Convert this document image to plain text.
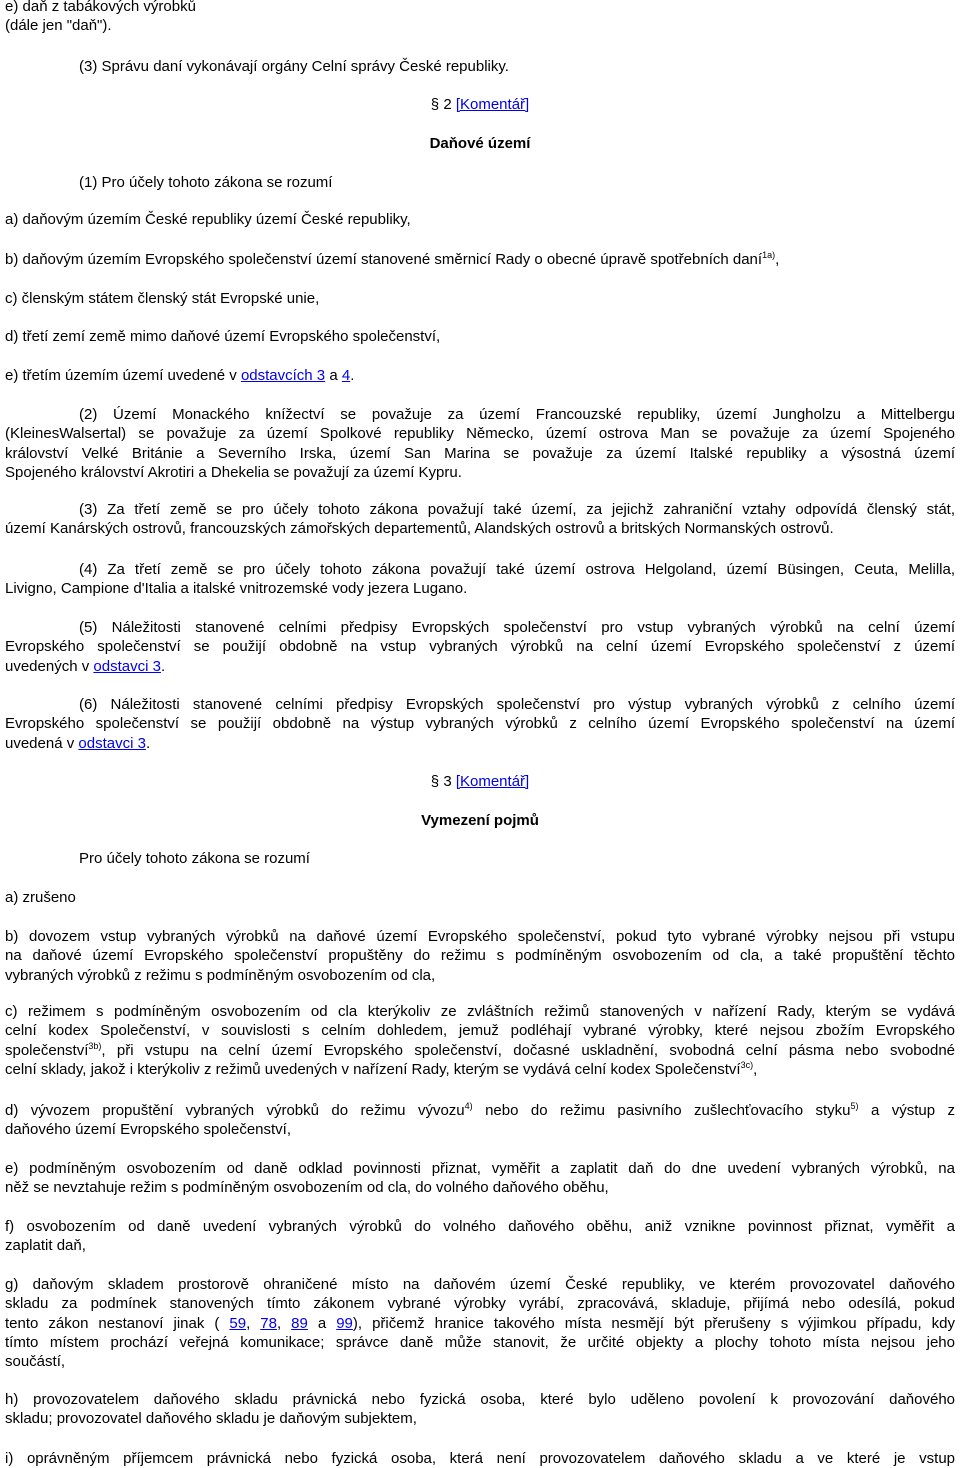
e) daň z tabákových výrobků

(dále jen "daň").

(3) Správu daní vykonávají orgány Celní správy České republiky.

§ 2 [Komentář]

Daňové území

(1) Pro účely tohoto zákona se rozumí

a) daňovým územím České republiky území České republiky,

b) daňovým územím Evropského společenství území stanovené směrnicí Rady o obecné úpravě spotřebních daní$^{1a)}$,

c) členským státem členský stát Evropské unie,

d) třetí zemí země mimo daňové území Evropského společenství,

e) třetím územím území uvedené v odstavcích 3 a 4.

(2) Území Monackého knížectví se považuje za území Francouzské republiky, území Jungholzu a Mittelbergu
(KleinesWalsertal) se považuje za území Spolkové republiky Německo, území ostrova Man se považuje za území Spojeného
království Velké Británie a Severního Irska, území San Marina se považuje za území Italské republiky a výsostná území
Spojeného království Akrotiri a Dhekelia se považují za území Kypru.
(3) Za třetí země se pro účely tohoto zákona považují také území, za jejichž zahraniční vztahy odpovídá členský stát,
území Kanárských ostrovů, francouzských zámořských departementů, Alandských ostrovů a britských Normanských ostrovů.
(4) Za třetí země se pro účely tohoto zákona považují také území ostrova Helgoland, území Büsingen, Ceuta, Melilla,
Livigno, Campione d'Italia a italské vnitrozemské vody jezera Lugano.
(5) Náležitosti stanovené celními předpisy Evropských společenství pro vstup vybraných výrobků na celní území
Evropského společenství se použijí obdobně na vstup vybraných výrobků na celní území Evropského společenství z území
uvedených v odstavci 3.
(6) Náležitosti stanovené celními předpisy Evropských společenství pro výstup vybraných výrobků z celního území
Evropského společenství se použijí obdobně na výstup vybraných výrobků z celního území Evropského společenství na území
uvedená v odstavci 3.

§ 3 [Komentář]

Vymezení pojmů

Pro účely tohoto zákona se rozumí

a) zrušeno

b) dovozem vstup vybraných výrobků na daňové území Evropského společenství, pokud tyto vybrané výrobky nejsou při vstupu
na daňové území Evropského společenství propuštěny do režimu s podmíněným osvobozením od cla, a také propuštění těchto
vybraných výrobků z režimu s podmíněným osvobozením od cla,
c) režimem s podmíněným osvobozením od cla kterýkoliv ze zvláštních režimů stanovených v nařízení Rady, kterým se vydává
celní kodex Společenství, v souvislosti s celním dohledem, jemuž podléhají vybrané výrobky, které nejsou zbožím Evropského
společenství$^{3b)}$, při vstupu na celní území Evropského společenství, dočasné uskladnění, svobodná celní pásma nebo svobodné
celní sklady, jakož i kterýkoliv z režimů uvedených v nařízení Rady, kterým se vydává celní kodex Společenství$^{3c)}$,
d) vývozem propuštění vybraných výrobků do režimu vývozu$^{4)}$ nebo do režimu pasivního zušlechťovacího styku$^{5)}$ a výstup z
daňového území Evropského společenství,
e) podmíněným osvobozením od daně odklad povinnosti přiznat, vyměřit a zaplatit daň do dne uvedení vybraných výrobků, na
něž se nevztahuje režim s podmíněným osvobozením od cla, do volného daňového oběhu,
f) osvobozením od daně uvedení vybraných výrobků do volného daňového oběhu, aniž vznikne povinnost přiznat, vyměřit a
zaplatit daň,
g) daňovým skladem prostorově ohraničené místo na daňovém území České republiky, ve kterém provozovatel daňového
skladu za podmínek stanovených tímto zákonem vybrané výrobky vyrábí, zpracovává, skladuje, přijímá nebo odesílá, pokud
tento zákon nestanoví jinak ( 59, 78, 89 a 99), přičemž hranice takového místa nesmějí být přerušeny s výjimkou případu, kdy
tímto místem prochází veřejná komunikace; správce daně může stanovit, že určité objekty a plochy tohoto místa nejsou jeho
součástí,
h) provozovatelem daňového skladu právnická nebo fyzická osoba, které bylo uděleno povolení k provozování daňového
skladu; provozovatel daňového skladu je daňovým subjektem,
i) oprávněným příjemcem právnická nebo fyzická osoba, která není provozovatelem daňového skladu a ve které je vstup
